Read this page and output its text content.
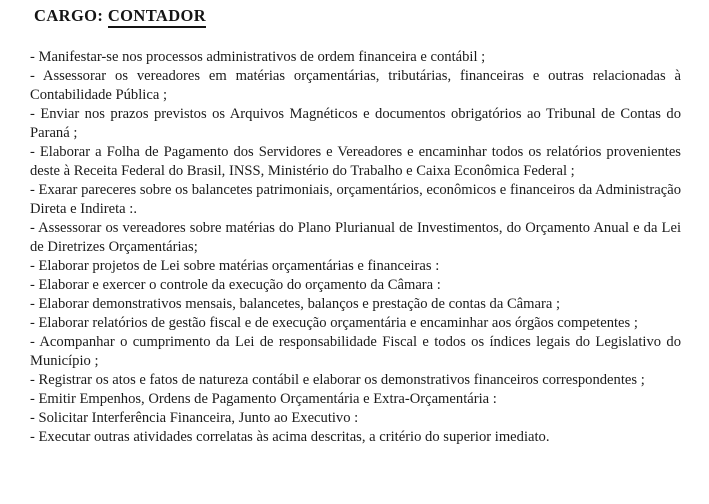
CARGO: CONTADOR

- Manifestar-se nos processos administrativos de ordem financeira e contábil ;

- Assessorar os vereadores em matérias orçamentárias, tributárias, financeiras e outras relacionadas à Contabilidade Pública ;

- Enviar nos prazos previstos os Arquivos Magnéticos e documentos obrigatórios ao Tribunal de Contas do Paraná ;

- Elaborar a Folha de Pagamento dos Servidores e Vereadores e encaminhar todos os relatórios provenientes deste à Receita Federal do Brasil, INSS, Ministério do Trabalho e Caixa Econômica Federal ;

- Exarar pareceres sobre os balancetes patrimoniais, orçamentários, econômicos e financeiros da Administração Direta e Indireta :.

- Assessorar os vereadores sobre matérias do Plano Plurianual de Investimentos, do Orçamento Anual e da Lei de Diretrizes Orçamentárias;

- Elaborar projetos de Lei sobre matérias orçamentárias e financeiras :

- Elaborar e exercer o controle da execução do orçamento da Câmara :

- Elaborar demonstrativos mensais, balancetes, balanços e prestação de contas da Câmara ;

- Elaborar relatórios de gestão fiscal e de execução orçamentária e encaminhar aos órgãos competentes ;

- Acompanhar o cumprimento da Lei de responsabilidade Fiscal e todos os índices legais do Legislativo do Município ;

- Registrar os atos e fatos de natureza contábil e elaborar os demonstrativos financeiros correspondentes ;

- Emitir Empenhos, Ordens de Pagamento Orçamentária e Extra-Orçamentária :

- Solicitar Interferência Financeira, Junto ao Executivo :

- Executar outras atividades correlatas às acima descritas, a critério do superior imediato.
